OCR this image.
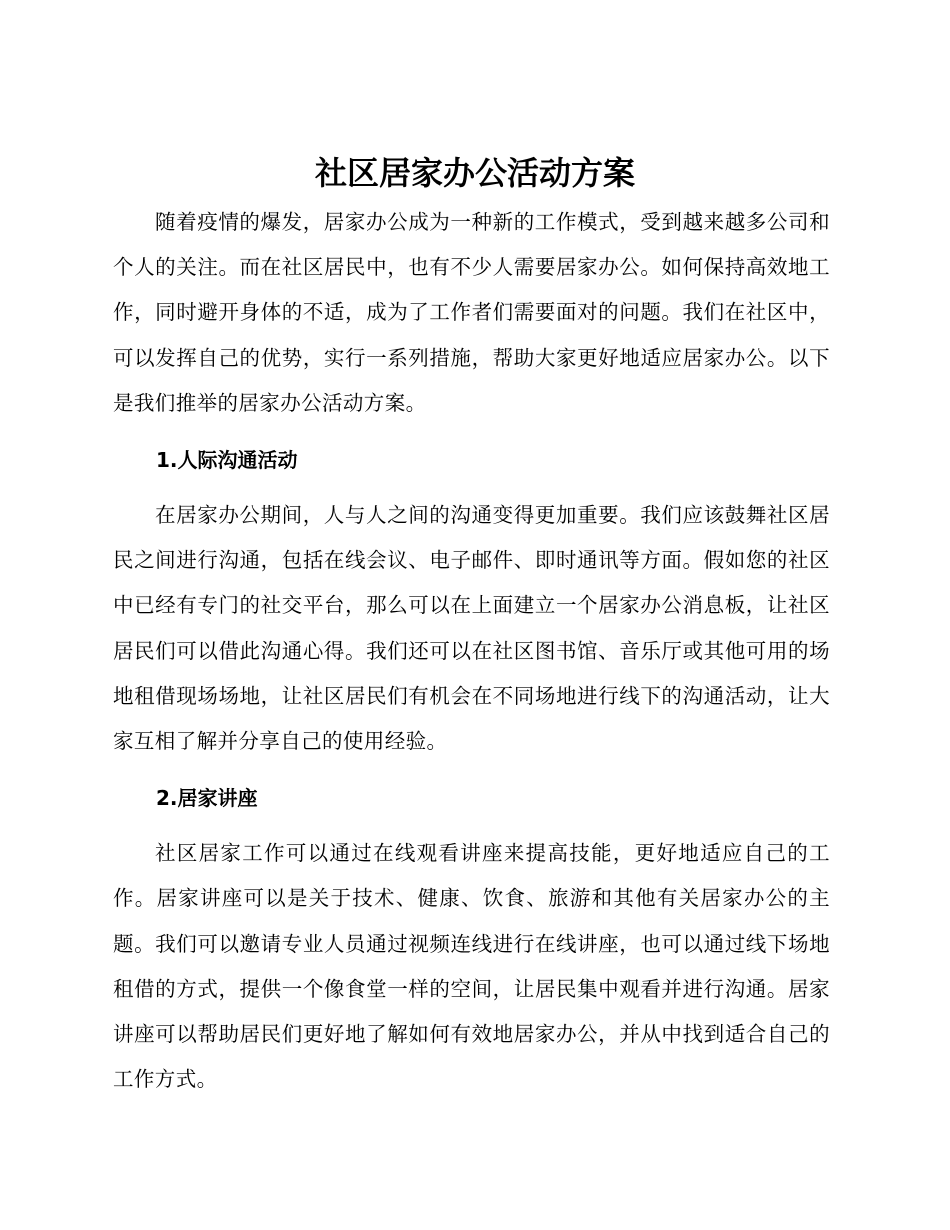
社区居家办公活动方案

随着疫情的爆发，居家办公成为一种新的工作模式，受到越来越多公司和个人的关注。而在社区居民中，也有不少人需要居家办公。如何保持高效地工作，同时避开身体的不适，成为了工作者们需要面对的问题。我们在社区中，可以发挥自己的优势，实行一系列措施，帮助大家更好地适应居家办公。以下是我们推举的居家办公活动方案。

1.人际沟通活动

在居家办公期间，人与人之间的沟通变得更加重要。我们应该鼓舞社区居民之间进行沟通，包括在线会议、电子邮件、即时通讯等方面。假如您的社区中已经有专门的社交平台，那么可以在上面建立一个居家办公消息板，让社区居民们可以借此沟通心得。我们还可以在社区图书馆、音乐厅或其他可用的场地租借现场场地，让社区居民们有机会在不同场地进行线下的沟通活动，让大家互相了解并分享自己的使用经验。

2.居家讲座

社区居家工作可以通过在线观看讲座来提高技能，更好地适应自己的工作。居家讲座可以是关于技术、健康、饮食、旅游和其他有关居家办公的主题。我们可以邀请专业人员通过视频连线进行在线讲座，也可以通过线下场地租借的方式，提供一个像食堂一样的空间，让居民集中观看并进行沟通。居家讲座可以帮助居民们更好地了解如何有效地居家办公，并从中找到适合自己的工作方式。
